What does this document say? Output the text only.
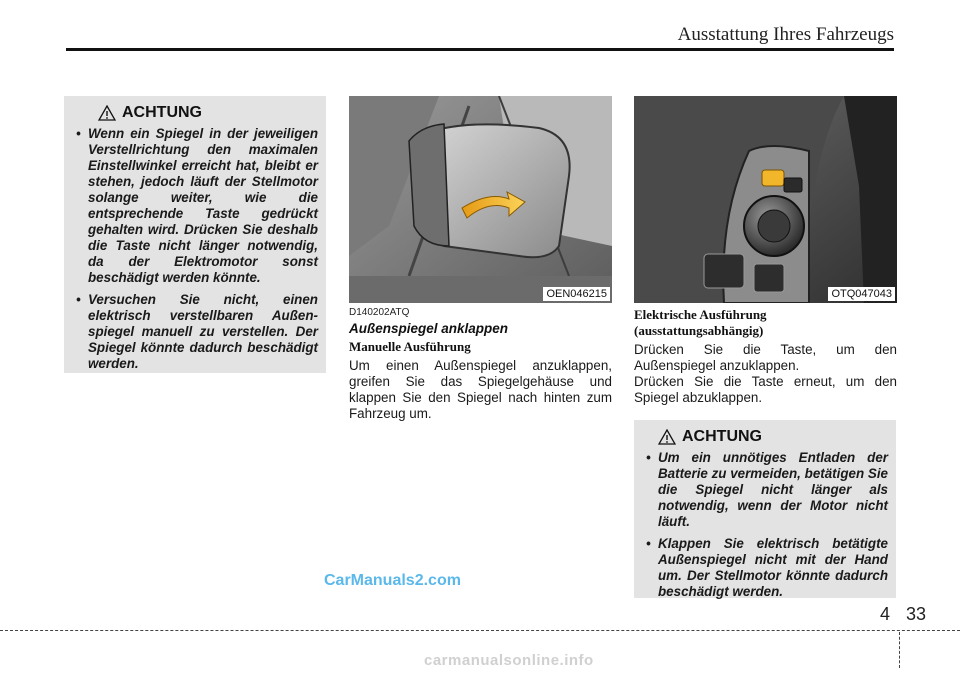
Ausstattung Ihres Fahrzeugs
ACHTUNG
• Wenn ein Spiegel in der jeweiligen Verstellrichtung den maximalen Einstellwinkel erreicht hat, bleibt er stehen, jedoch läuft der Stellmotor solange weiter, wie die entsprechende Taste gedrückt gehalten wird. Drücken Sie deshalb die Taste nicht länger notwendig, da der Elektromotor sonst beschädigt werden könnte.
• Versuchen Sie nicht, einen elektrisch verstellbaren Außen-spiegel manuell zu verstellen. Der Spiegel könnte dadurch beschädigt werden.
OEN046215	OTQ047043
D140202ATQ
Außenspiegel anklappen
Manuelle Ausführung

Um einen Außenspiegel anzuklappen, greifen Sie das Spiegelgehäuse und klappen Sie den Spiegel nach hinten zum Fahrzeug um.

Elektrische Ausführung
(ausstattungsabhängig)

Drücken Sie die Taste, um den Außenspiegel anzuklappen.

Drücken Sie die Taste erneut, um den Spiegel abzuklappen.

ACHTUNG
• Um ein unnötiges Entladen der Batterie zu vermeiden, betätigen Sie die Spiegel nicht länger als notwendig, wenn der Motor nicht läuft.
• Klappen Sie elektrisch betätigte Außenspiegel nicht mit der Hand um. Der Stellmotor könnte dadurch beschädigt werden.
CarManuals2.com
4 33
carmanualsonline.info
